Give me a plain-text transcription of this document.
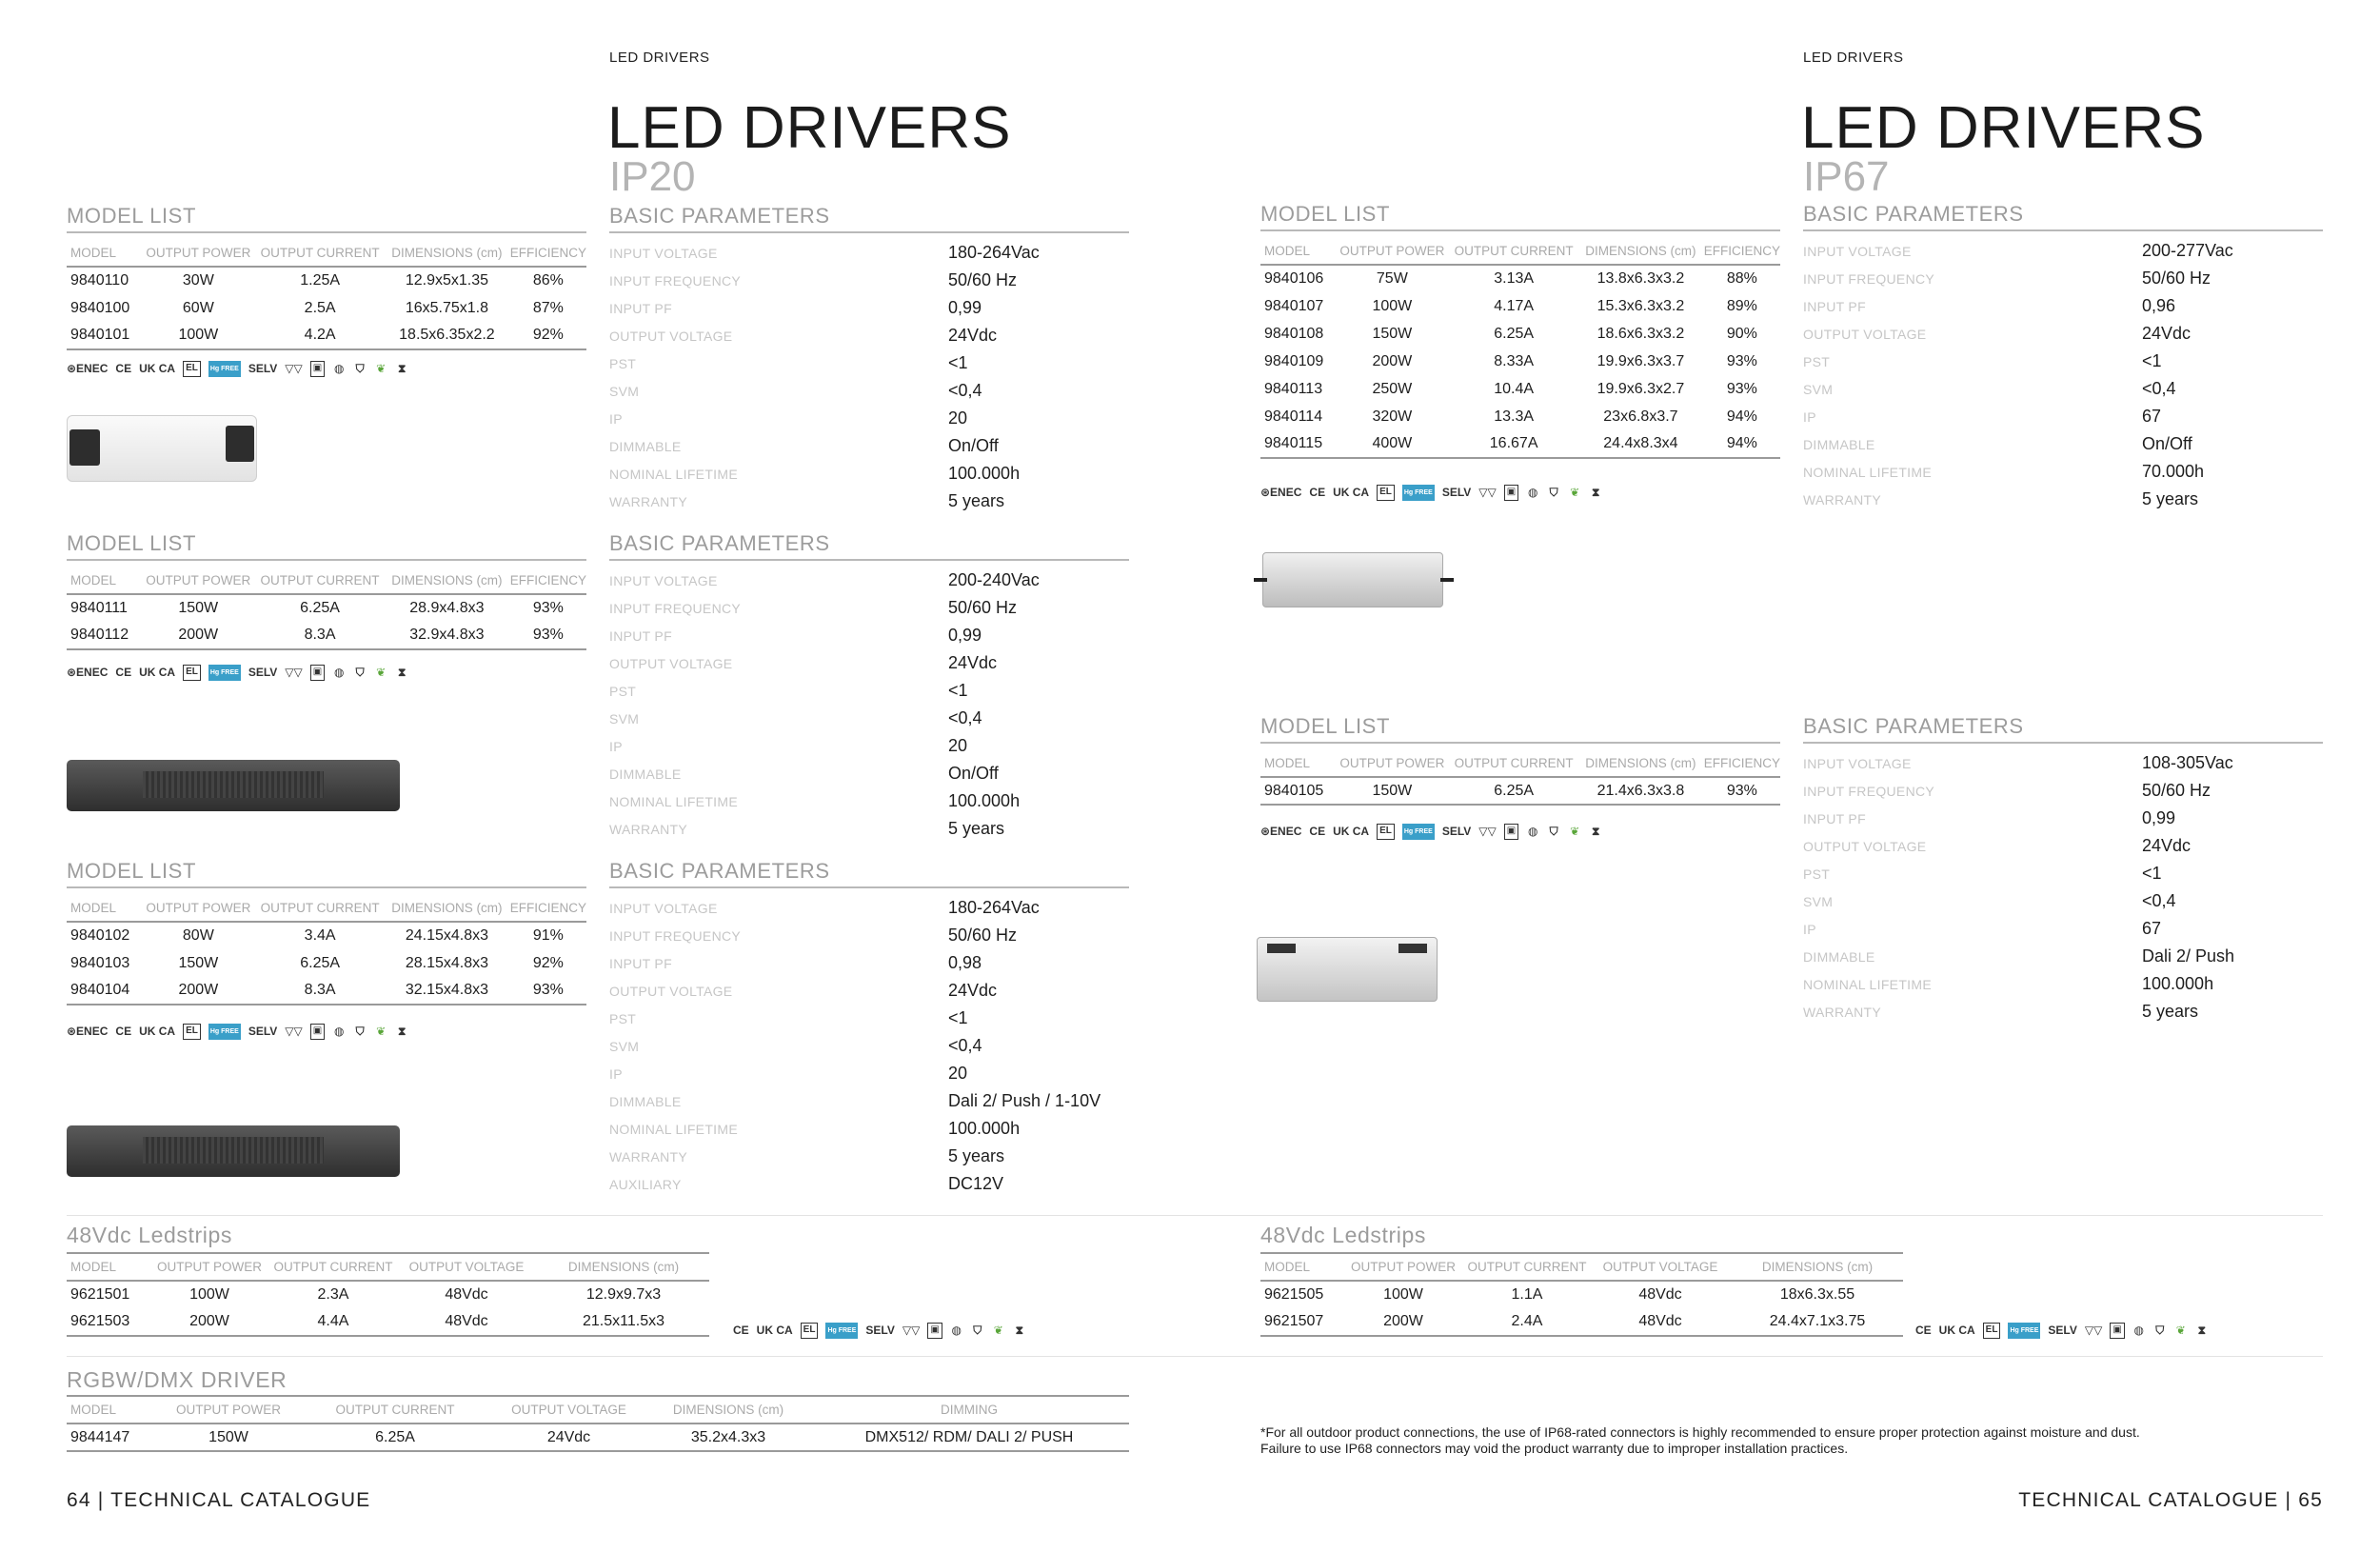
LED DRIVERS
LED DRIVERS
IP20
MODEL LIST
MODEL	OUTPUT POWER	OUTPUT CURRENT	DIMENSIONS (cm)	EFFICIENCY
9840110	30W	1.25A	12.9x5x1.35	86%
9840100	60W	2.5A	16x5.75x1.8	87%
9840101	100W	4.2A	18.5x6.35x2.2	92%
⊛ENEC CE UK CA	EL	Hg FREE SELV ▽▽	▣ ◍ ⛉ ❦ ⧗
BASIC PARAMETERS
INPUT VOLTAGE	180-264Vac
INPUT FREQUENCY	50/60 Hz
INPUT PF	0,99
OUTPUT VOLTAGE	24Vdc
PST	<1
SVM	<0,4
IP	20
DIMMABLE	On/Off
NOMINAL LIFETIME	100.000h
WARRANTY	5 years
MODEL LIST
MODEL	OUTPUT POWER	OUTPUT CURRENT	DIMENSIONS (cm)	EFFICIENCY
9840111	150W	6.25A	28.9x4.8x3	93%
9840112	200W	8.3A	32.9x4.8x3	93%
⊛ENEC CE UK CA	EL	Hg FREE SELV ▽▽	▣ ◍ ⛉ ❦ ⧗
BASIC PARAMETERS
INPUT VOLTAGE	200-240Vac
INPUT FREQUENCY	50/60 Hz
INPUT PF	0,99
OUTPUT VOLTAGE	24Vdc
PST	<1
SVM	<0,4
IP	20
DIMMABLE	On/Off
NOMINAL LIFETIME	100.000h
WARRANTY	5 years
MODEL LIST
MODEL	OUTPUT POWER	OUTPUT CURRENT	DIMENSIONS (cm)	EFFICIENCY
9840102	80W	3.4A	24.15x4.8x3	91%
9840103	150W	6.25A	28.15x4.8x3	92%
9840104	200W	8.3A	32.15x4.8x3	93%
⊛ENEC CE UK CA	EL	Hg FREE SELV ▽▽	▣ ◍ ⛉ ❦ ⧗
BASIC PARAMETERS
INPUT VOLTAGE	180-264Vac
INPUT FREQUENCY	50/60 Hz
INPUT PF	0,98
OUTPUT VOLTAGE	24Vdc
PST	<1
SVM	<0,4
IP	20
DIMMABLE	Dali 2/ Push / 1-10V
NOMINAL LIFETIME	100.000h
WARRANTY	5 years
AUXILIARY	DC12V
48Vdc Ledstrips
MODEL	OUTPUT POWER	OUTPUT CURRENT	OUTPUT VOLTAGE	DIMENSIONS (cm)
9621501	100W	2.3A	48Vdc	12.9x9.7x3
9621503	200W	4.4A	48Vdc	21.5x11.5x3
CE UK CA	EL	Hg FREE SELV ▽▽	▣ ◍ ⛉ ❦ ⧗
RGBW/DMX DRIVER
MODEL	OUTPUT POWER	OUTPUT CURRENT	OUTPUT VOLTAGE	DIMENSIONS (cm)	DIMMING
9844147	150W	6.25A	24Vdc	35.2x4.3x3	DMX512/ RDM/ DALI 2/ PUSH
64 | TECHNICAL CATALOGUE
LED DRIVERS
LED DRIVERS
IP67
MODEL LIST
MODEL	OUTPUT POWER	OUTPUT CURRENT	DIMENSIONS (cm)	EFFICIENCY
9840106	75W	3.13A	13.8x6.3x3.2	88%
9840107	100W	4.17A	15.3x6.3x3.2	89%
9840108	150W	6.25A	18.6x6.3x3.2	90%
9840109	200W	8.33A	19.9x6.3x3.7	93%
9840113	250W	10.4A	19.9x6.3x2.7	93%
9840114	320W	13.3A	23x6.8x3.7	94%
9840115	400W	16.67A	24.4x8.3x4	94%
⊛ENEC CE UK CA	EL	Hg FREE SELV ▽▽	▣ ◍ ⛉ ❦ ⧗
BASIC PARAMETERS
INPUT VOLTAGE	200-277Vac
INPUT FREQUENCY	50/60 Hz
INPUT PF	0,96
OUTPUT VOLTAGE	24Vdc
PST	<1
SVM	<0,4
IP	67
DIMMABLE	On/Off
NOMINAL LIFETIME	70.000h
WARRANTY	5 years
MODEL LIST
MODEL	OUTPUT POWER	OUTPUT CURRENT	DIMENSIONS (cm)	EFFICIENCY
9840105	150W	6.25A	21.4x6.3x3.8	93%
⊛ENEC CE UK CA	EL	Hg FREE SELV ▽▽	▣ ◍ ⛉ ❦ ⧗
BASIC PARAMETERS
INPUT VOLTAGE	108-305Vac
INPUT FREQUENCY	50/60 Hz
INPUT PF	0,99
OUTPUT VOLTAGE	24Vdc
PST	<1
SVM	<0,4
IP	67
DIMMABLE	Dali 2/ Push
NOMINAL LIFETIME	100.000h
WARRANTY	5 years
48Vdc Ledstrips
MODEL	OUTPUT POWER	OUTPUT CURRENT	OUTPUT VOLTAGE	DIMENSIONS (cm)
9621505	100W	1.1A	48Vdc	18x6.3x.55
9621507	200W	2.4A	48Vdc	24.4x7.1x3.75
CE UK CA	EL	Hg FREE SELV ▽▽	▣ ◍ ⛉ ❦ ⧗
*For all outdoor product connections, the use of IP68-rated connectors is highly recommended to ensure proper protection against moisture and dust.
Failure to use IP68 connectors may void the product warranty due to improper installation practices.
TECHNICAL CATALOGUE | 65
